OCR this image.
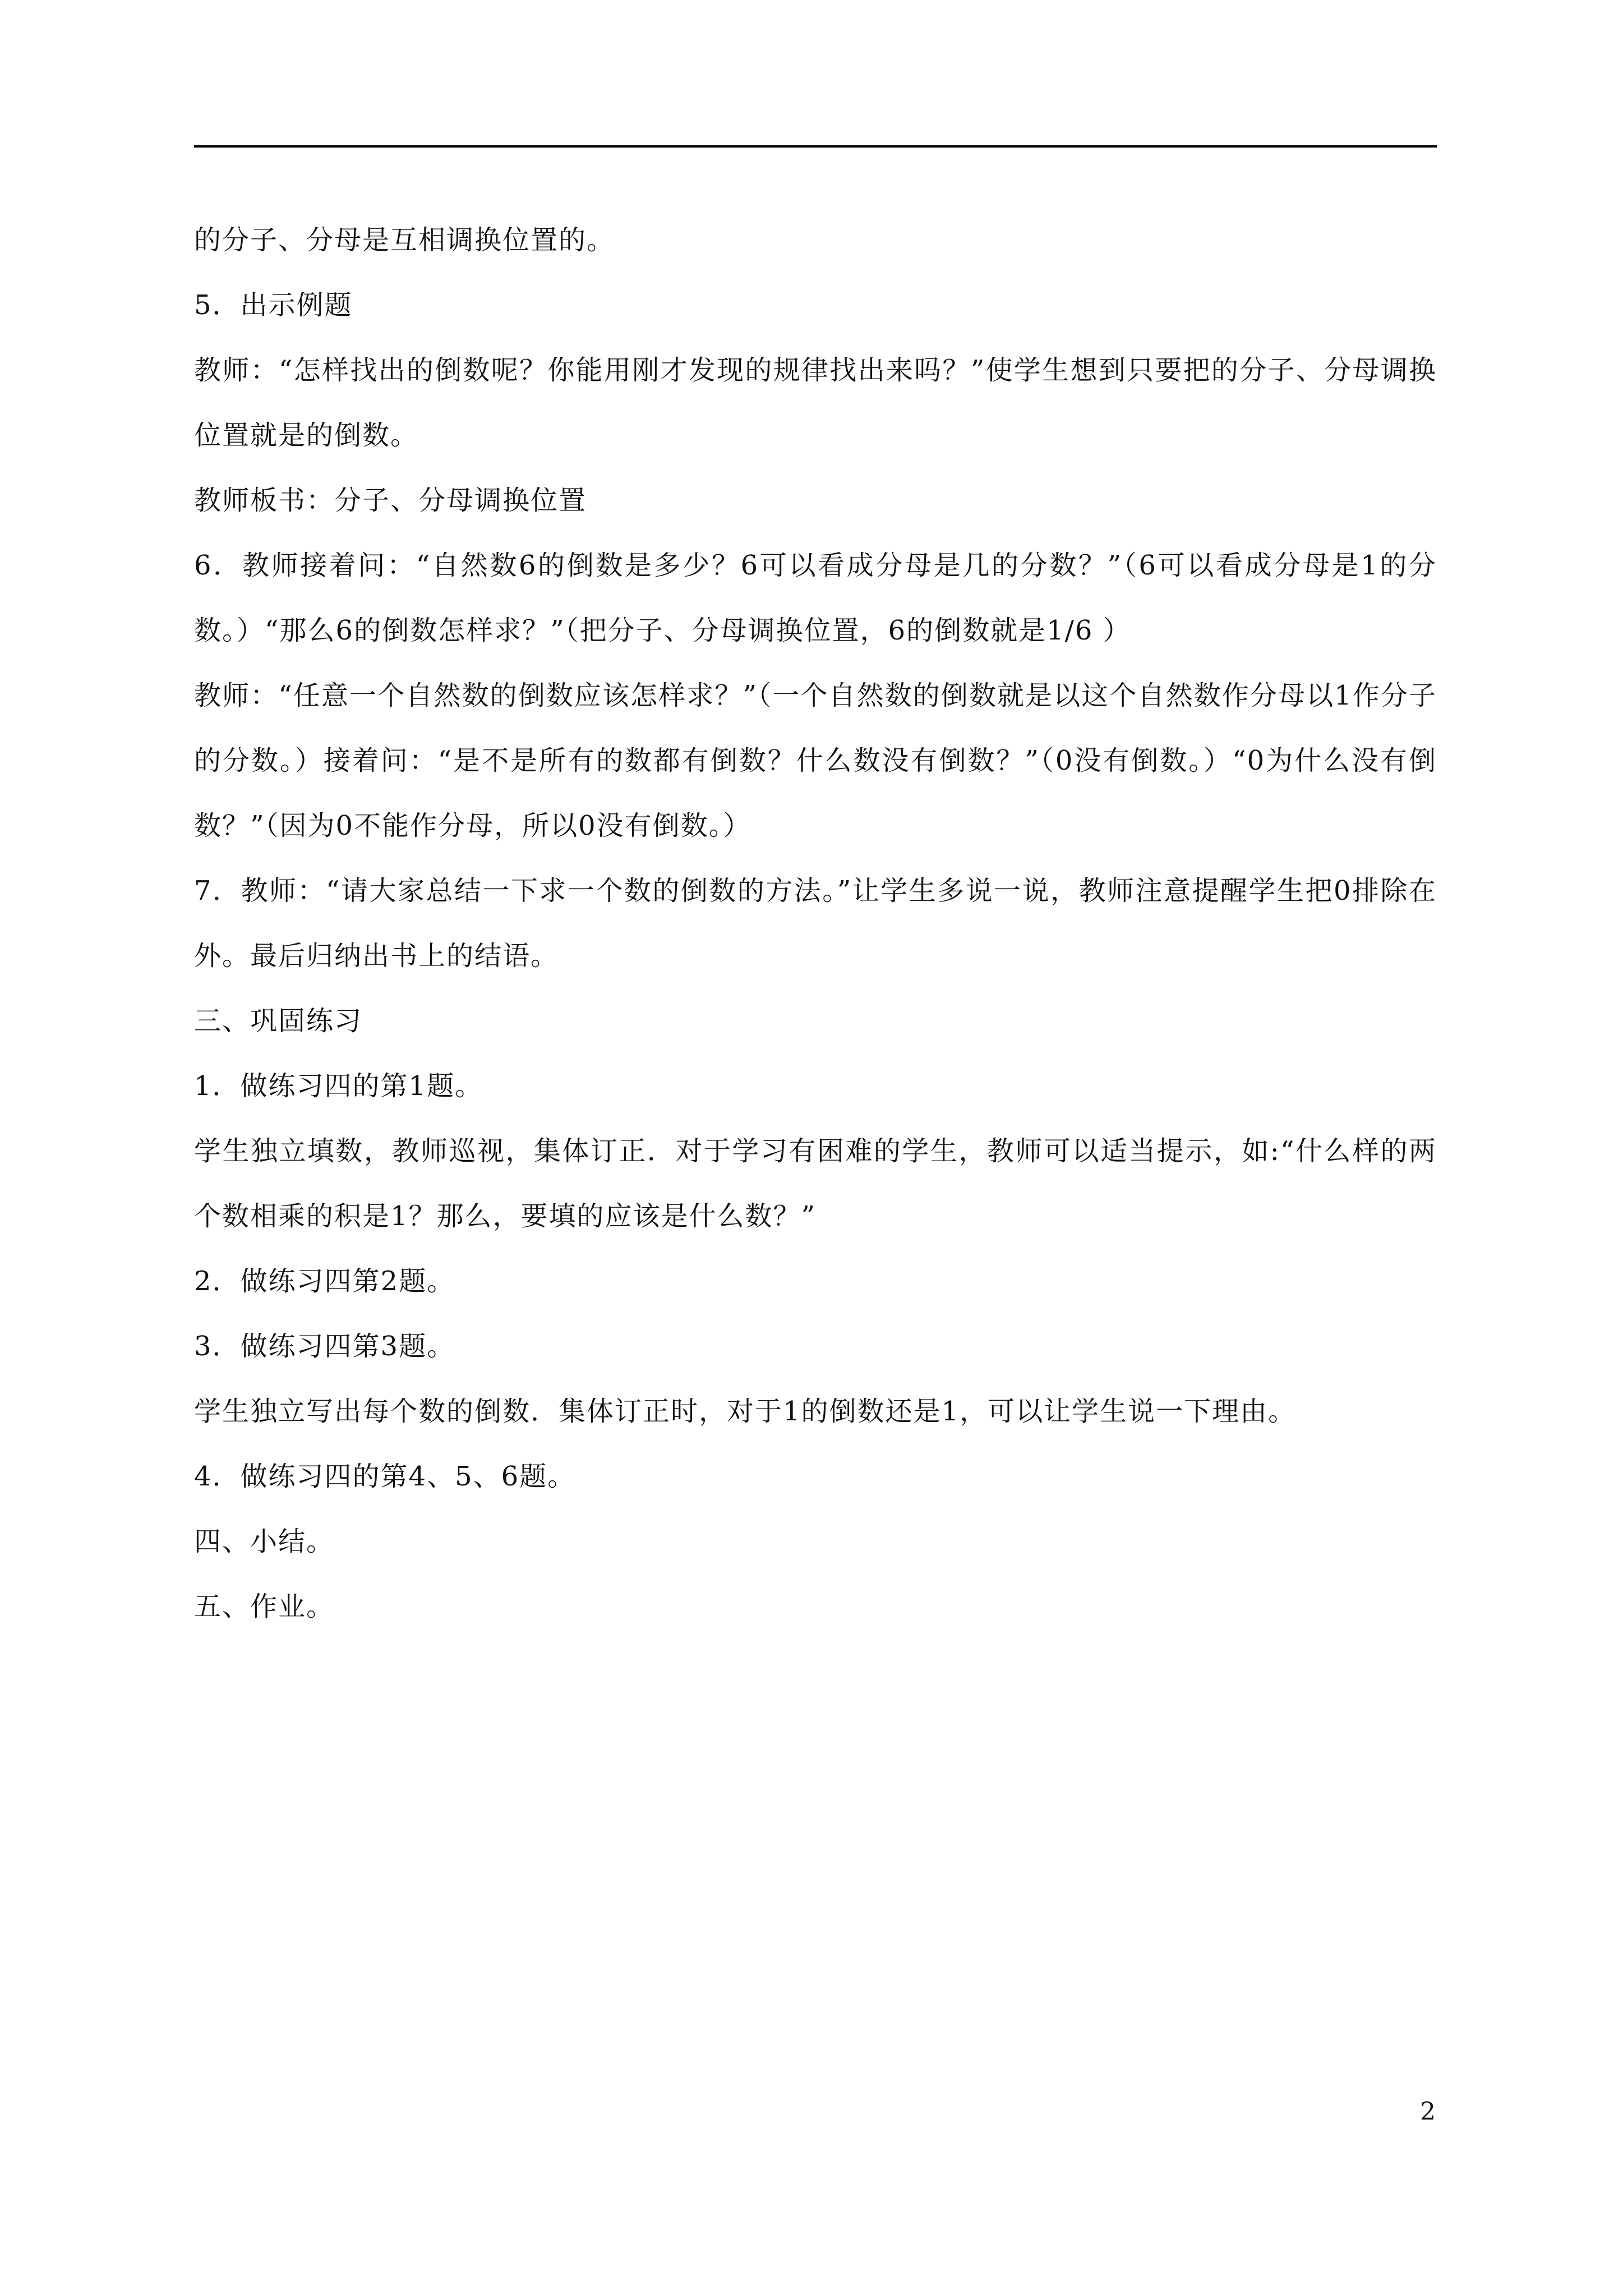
的分子、分母是互相调换位置的。

5．出示例题

教师：“怎样找出的倒数呢？你能用刚才发现的规律找出来吗？”使学生想到只要把的分子、分母调换位置就是的倒数。

教师板书：分子、分母调换位置

6．教师接着问：“自然数6的倒数是多少？6可以看成分母是几的分数？”（6可以看成分母是1的分数。）“那么6的倒数怎样求？”（把分子、分母调换位置，6的倒数就是1/6 ）

教师：“任意一个自然数的倒数应该怎样求？”（一个自然数的倒数就是以这个自然数作分母以1作分子的分数。）接着问：“是不是所有的数都有倒数？什么数没有倒数？”（0没有倒数。）“0为什么没有倒数？”（因为0不能作分母，所以0没有倒数。）

7．教师：“请大家总结一下求一个数的倒数的方法。”让学生多说一说，教师注意提醒学生把0排除在外。最后归纳出书上的结语。

三、巩固练习

1．做练习四的第1题。

学生独立填数，教师巡视，集体订正．对于学习有困难的学生，教师可以适当提示，如:“什么样的两个数相乘的积是1？那么，要填的应该是什么数？”

2．做练习四第2题。

3．做练习四第3题。

学生独立写出每个数的倒数．集体订正时，对于1的倒数还是1，可以让学生说一下理由。

4．做练习四的第4、5、6题。

四、小结。

五、作业。

2
